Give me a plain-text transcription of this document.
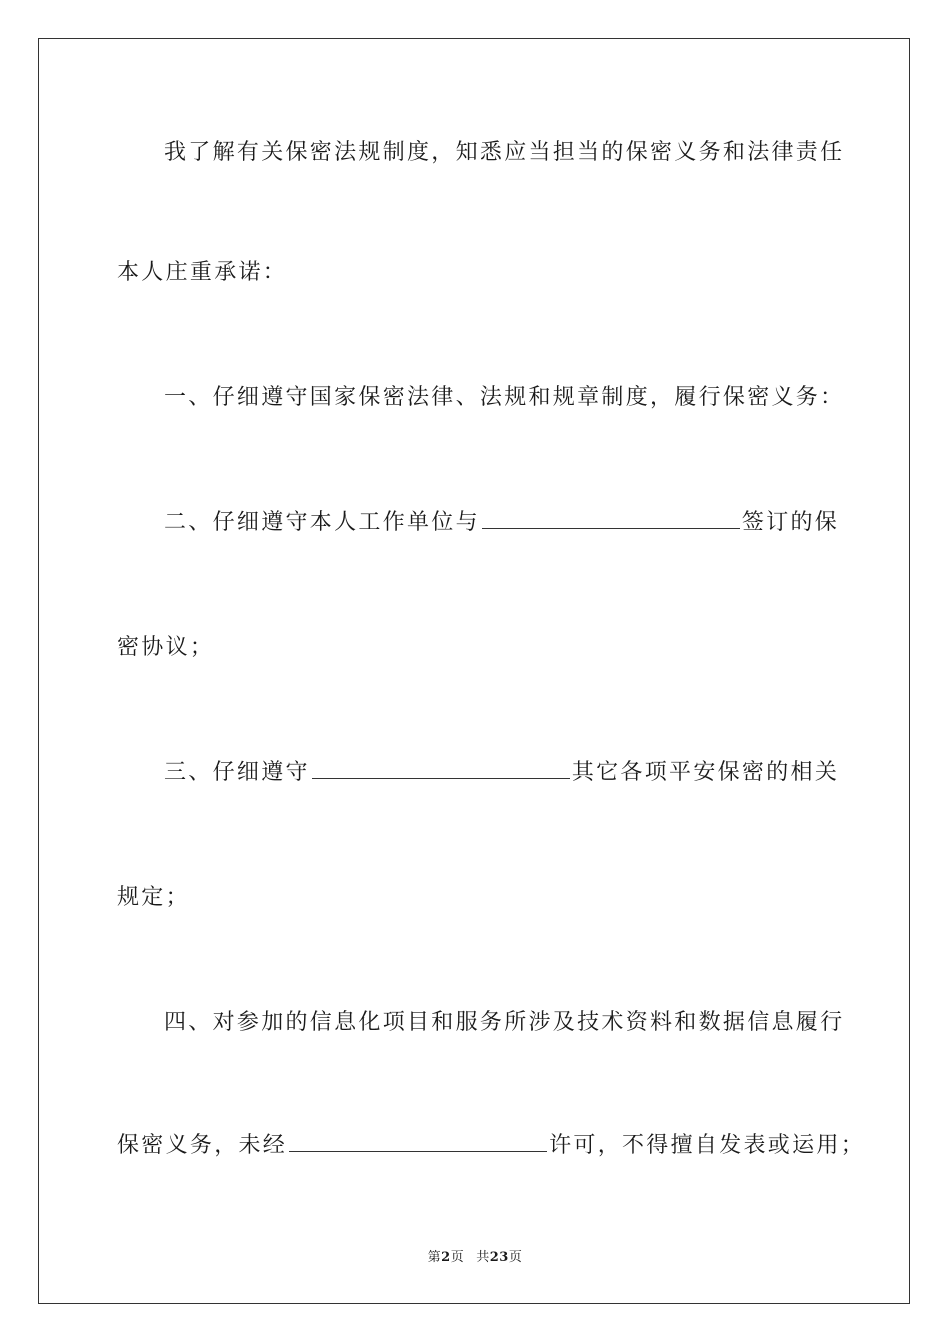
我了解有关保密法规制度，知悉应当担当的保密义务和法律责任
本人庄重承诺：
一、仔细遵守国家保密法律、法规和规章制度，履行保密义务：
二、仔细遵守本人工作单位与	签订的保
密协议；
三、仔细遵守	其它各项平安保密的相关
规定；
四、对参加的信息化项目和服务所涉及技术资料和数据信息履行
保密义务，未经	许可，不得擅自发表或运用；
第2页 共23页
